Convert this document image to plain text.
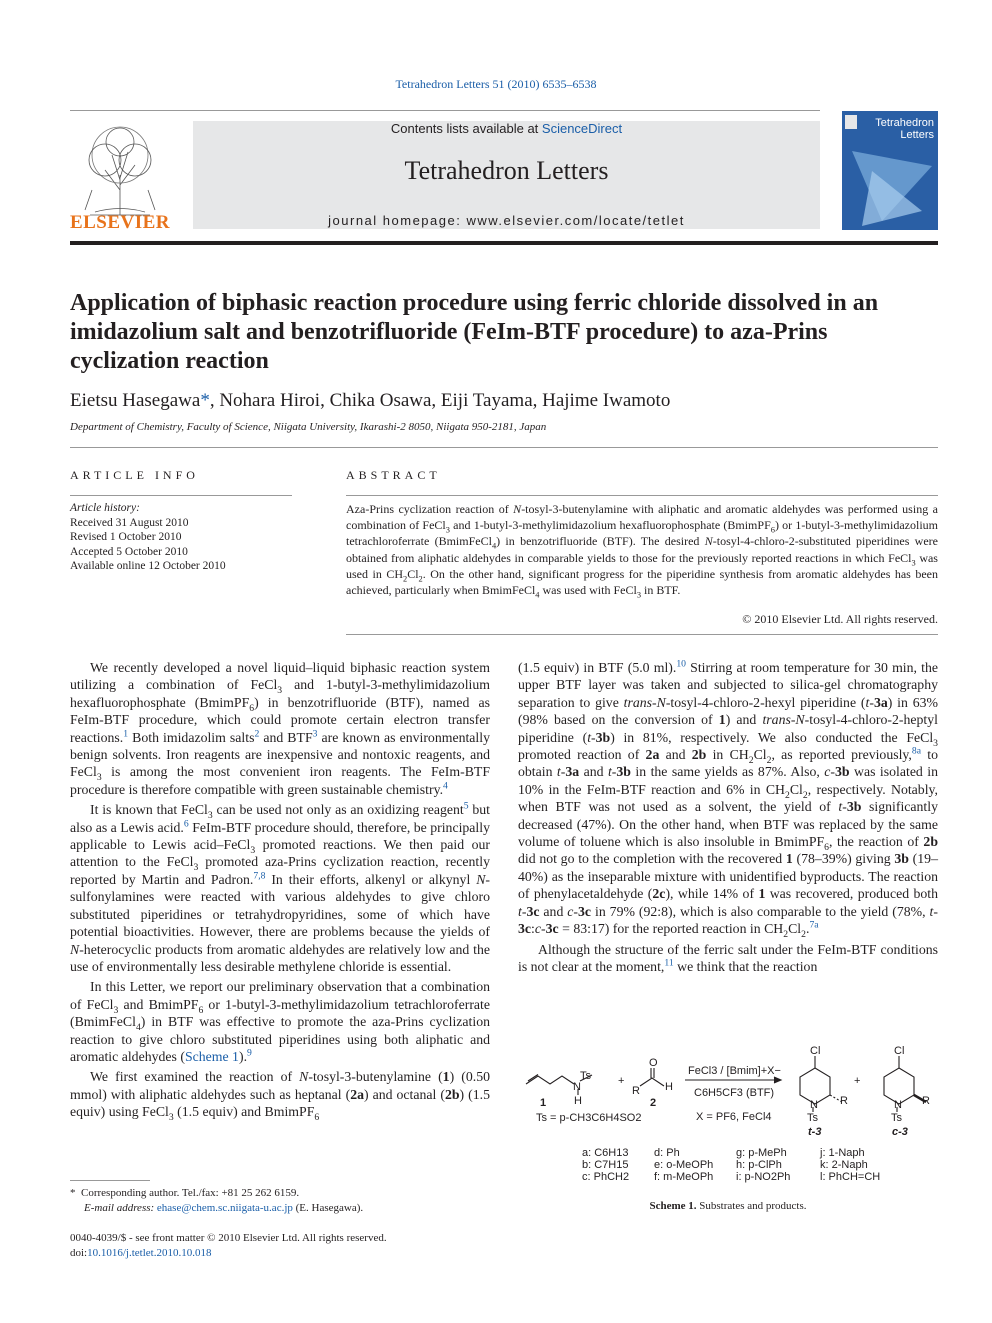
Tetrahedron Letters 51 (2010) 6535–6538
ELSEVIER
Contents lists available at ScienceDirect
Tetrahedron Letters
journal homepage: www.elsevier.com/locate/tetlet
Tetrahedron
Letters
Application of biphasic reaction procedure using ferric chloride dissolved in an imidazolium salt and benzotrifluoride (FeIm-BTF procedure) to aza-Prins cyclization reaction
Eietsu Hasegawa*, Nohara Hiroi, Chika Osawa, Eiji Tayama, Hajime Iwamoto
Department of Chemistry, Faculty of Science, Niigata University, Ikarashi-2 8050, Niigata 950-2181, Japan
ARTICLE INFO
Article history:
Received 31 August 2010
Revised 1 October 2010
Accepted 5 October 2010
Available online 12 October 2010
ABSTRACT
Aza-Prins cyclization reaction of N-tosyl-3-butenylamine with aliphatic and aromatic aldehydes was performed using a combination of FeCl$_3$ and 1-butyl-3-methylimidazolium hexafluorophosphate (BmimPF$_6$) or 1-butyl-3-methylimidazolium tetrachloroferrate (BmimFeCl$_4$) in benzotrifluoride (BTF). The desired N-tosyl-4-chloro-2-substituted piperidines were obtained from aliphatic aldehydes in comparable yields to those for the previously reported reactions in which FeCl$_3$ was used in $CH_2Cl_2$. On the other hand, significant progress for the piperidine synthesis from aromatic aldehydes has been achieved, particularly when BmimFeCl$_4$ was used with FeCl$_3$ in BTF.
© 2010 Elsevier Ltd. All rights reserved.

We recently developed a novel liquid–liquid biphasic reaction system utilizing a combination of FeCl$_3$ and 1-butyl-3-methylimidazolium hexafluorophosphate (BmimPF$_6$) in benzotrifluoride (BTF), named as FeIm-BTF procedure, which could promote certain electron transfer reactions.$^1$ Both imidazolim salts$^2$ and BTF$^3$ are known as environmentally benign solvents. Iron reagents are inexpensive and nontoxic reagents, and FeCl$_3$ is among the most convenient iron reagents. The FeIm-BTF procedure is therefore compatible with green sustainable chemistry.$^4$

It is known that FeCl$_3$ can be used not only as an oxidizing reagent$^5$ but also as a Lewis acid.$^6$ FeIm-BTF procedure should, therefore, be principally applicable to Lewis acid–FeCl$_3$ promoted reactions. We then paid our attention to the FeCl$_3$ promoted aza-Prins cyclization reaction, recently reported by Martin and Padron.$^{7,8}$ In their efforts, alkenyl or alkynyl N-sulfonylamines were reacted with various aldehydes to give chloro substituted piperidines or tetrahydropyridines, some of which have potential bioactivities. However, there are problems because the yields of N-heterocyclic products from aromatic aldehydes are relatively low and the use of environmentally less desirable methylene chloride is essential.

In this Letter, we report our preliminary observation that a combination of FeCl$_3$ and BmimPF$_6$ or 1-butyl-3-methylimidazolium tetrachloroferrate (BmimFeCl$_4$) in BTF was effective to promote the aza-Prins cyclization reaction to give chloro substituted piperidines using both aliphatic and aromatic aldehydes (Scheme 1).$^9$

We first examined the reaction of N-tosyl-3-butenylamine (1) (0.50 mmol) with aliphatic aldehydes such as heptanal (2a) and octanal (2b) (1.5 equiv) using FeCl$_3$ (1.5 equiv) and BmimPF$_6$

(1.5 equiv) in BTF (5.0 ml).$^{10}$ Stirring at room temperature for 30 min, the upper BTF layer was taken and subjected to silica-gel chromatography separation to give trans-N-tosyl-4-chloro-2-hexyl piperidine (t-3a) in 63% (98% based on the conversion of 1) and trans-N-tosyl-4-chloro-2-heptyl piperidine (t-3b) in 81%, respectively. We also conducted the FeCl$_3$ promoted reaction of 2a and 2b in $CH_2Cl_2$, as reported previously,$^{8a}$ to obtain t-3a and t-3b in the same yields as 87%. Also, c-3b was isolated in 10% in the FeIm-BTF reaction and 6% in $CH_2Cl_2$, respectively. Notably, when BTF was not used as a solvent, the yield of t-3b significantly decreased (47%). On the other hand, when BTF was replaced by the same volume of toluene which is also insoluble in BmimPF$_6$, the reaction of 2b did not go to the completion with the recovered 1 (78–39%) giving 3b (19–40%) as the inseparable mixture with unidentified byproducts. The reaction of phenylacetaldehyde (2c), while 14% of 1 was recovered, produced both t-3c and c-3c in 79% (92:8), which is also comparable to the yield (78%, t-3c:c-3c = 83:17) for the reported reaction in $CH_2Cl_2.^{7a}$

Although the structure of the ferric salt under the FeIm-BTF conditions is not clear at the moment,$^{11}$ we think that the reaction

Ts
N
H
1
Ts = p-CH3C6H4SO2
+
O
R H
2
FeCl3 / [Bmim]+X−
C6H5CF3 (BTF)
X = PF6, FeCl4
Cl
R
N
Ts
t-3
+
Cl
R
N
Ts
c-3
a: C6H13 d: Ph	g: p-MePh	j: 1-Naph
b: C7H15 e: o-MeOPh h: p-ClPh	k: 2-Naph
c: PhCH2 f: m-MeOPh i: p-NO2Ph	l: PhCH=CH
Scheme 1. Substrates and products.
* Corresponding author. Tel./fax: +81 25 262 6159.
E-mail address: ehase@chem.sc.niigata-u.ac.jp (E. Hasegawa).
0040-4039/$ - see front matter © 2010 Elsevier Ltd. All rights reserved.
doi:10.1016/j.tetlet.2010.10.018
